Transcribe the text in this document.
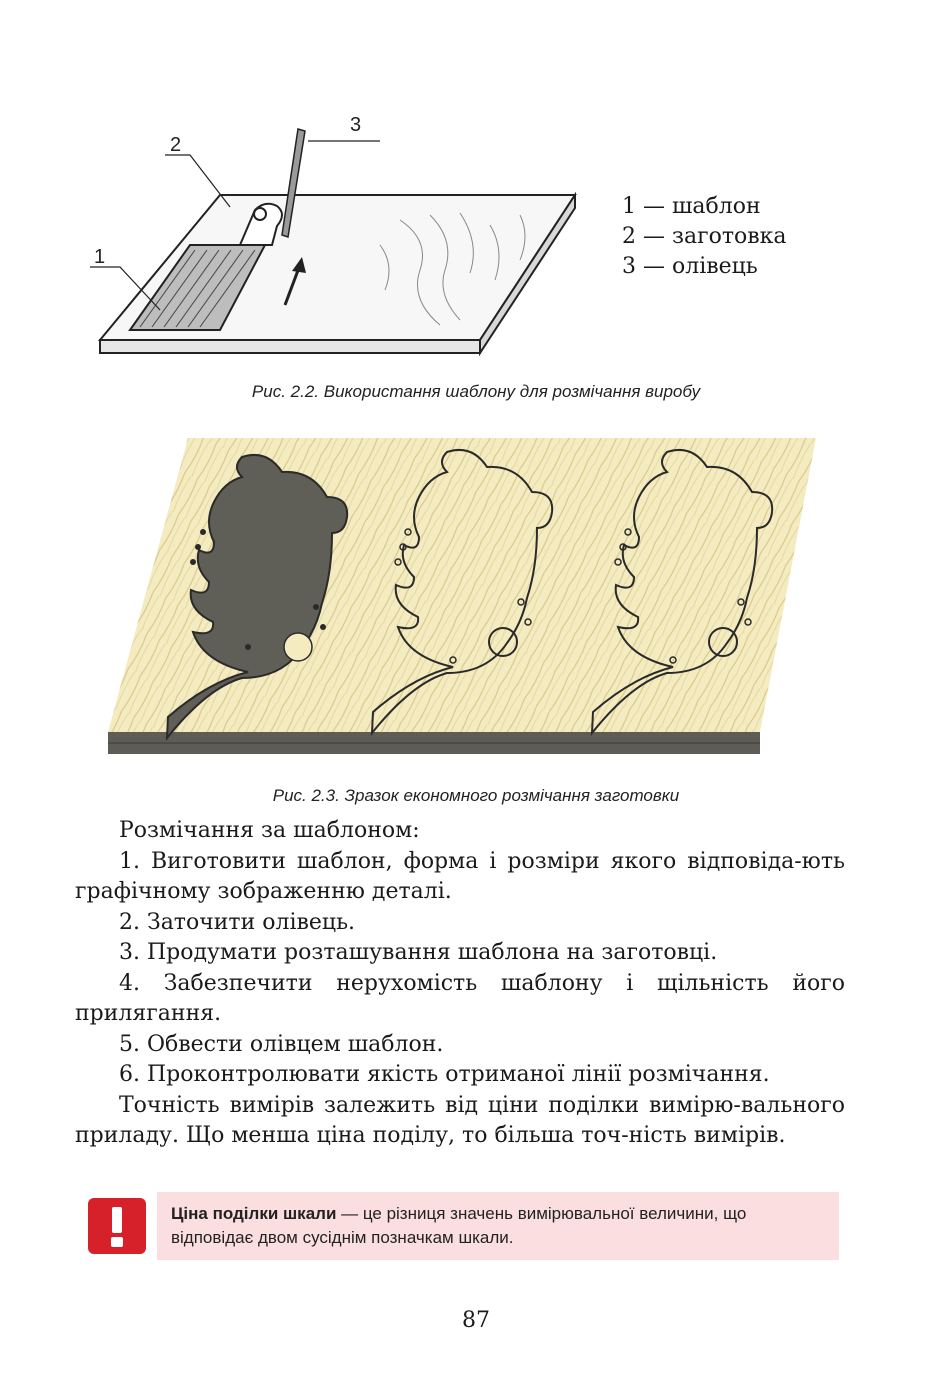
1
2
3
1 — шаблон
2 — заготовка
3 — олівець
Рис. 2.2. Використання шаблону для розмічання виробу
Рис. 2.3. Зразок економного розмічання заготовки

Розмічання за шаблоном:

1. Виготовити шаблон, форма і розміри якого відповіда-ють графічному зображенню деталі.

2. Заточити олівець.

3. Продумати розташування шаблона на заготовці.

4. Забезпечити нерухомість шаблону і щільність його прилягання.

5. Обвести олівцем шаблон.

6. Проконтролювати якість отриманої лінії розмічання.

Точність вимірів залежить від ціни поділки вимірю-вального приладу. Що менша ціна поділу, то більша точ-ність вимірів.

Ціна поділки шкали — це різниця значень вимірювальної величини, що відповідає двом сусіднім позначкам шкали.
87
